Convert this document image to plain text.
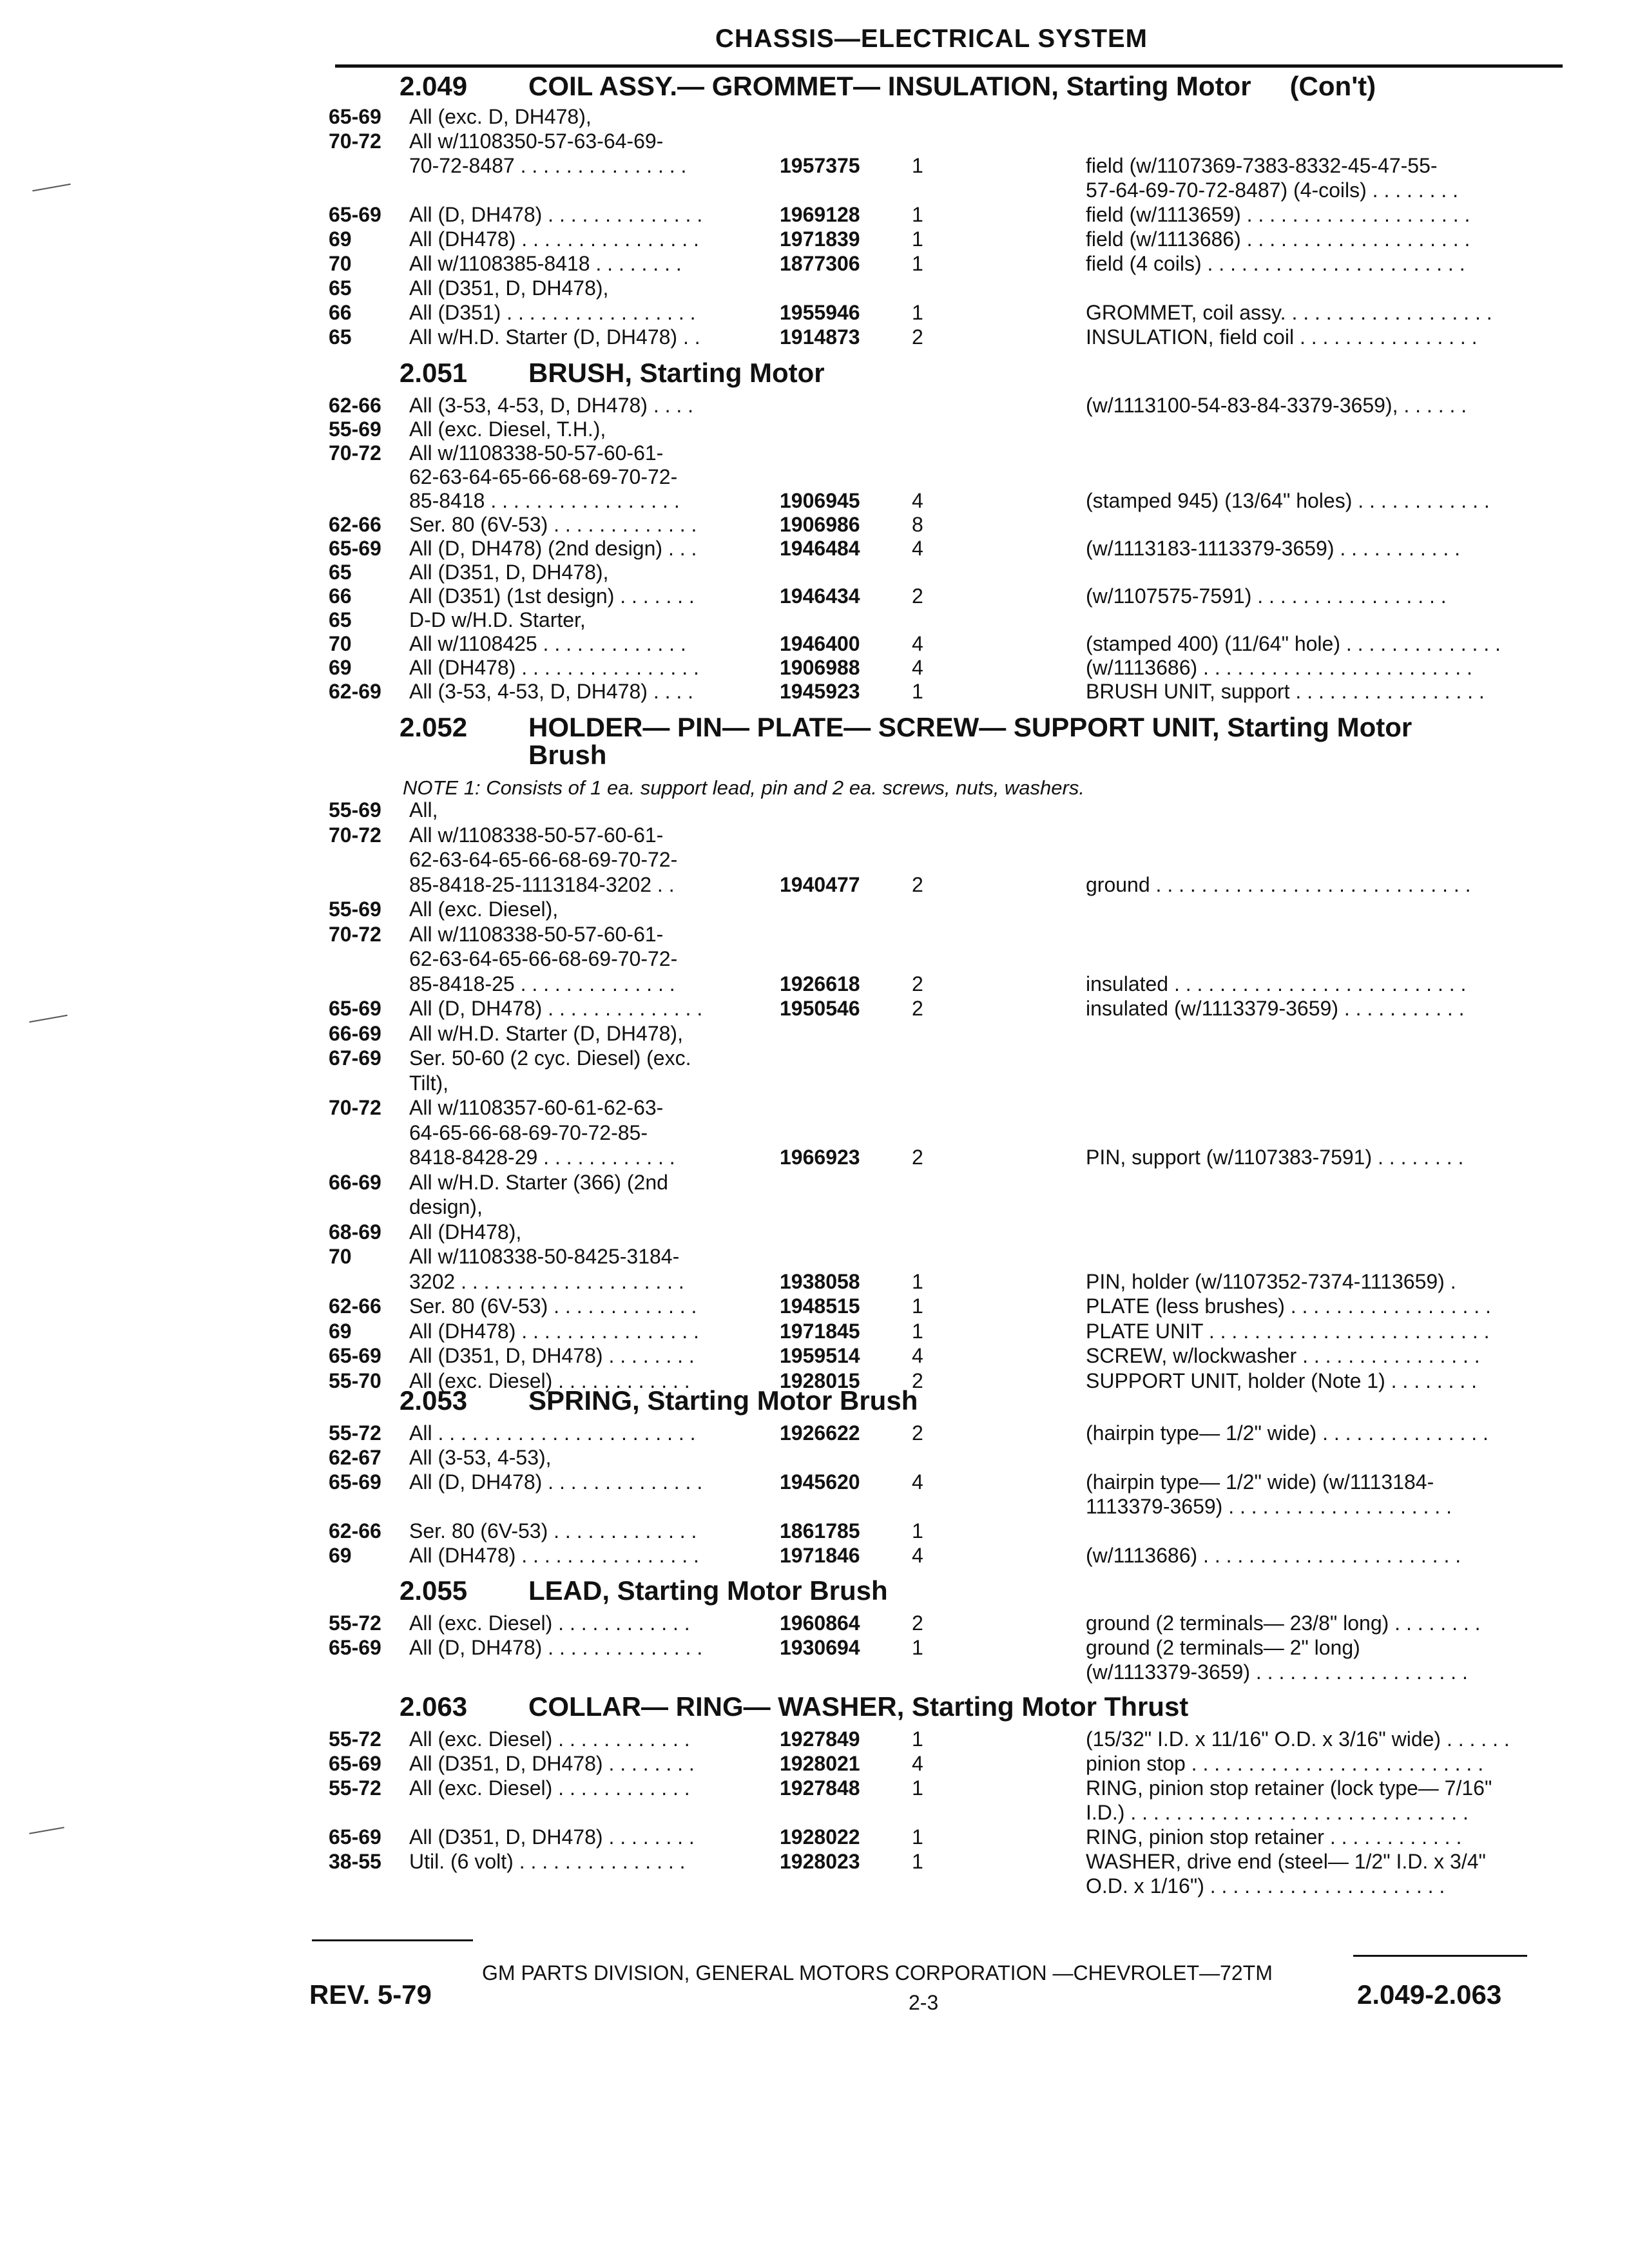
CHASSIS—ELECTRICAL SYSTEM
2.049 COIL ASSY.— GROMMET— INSULATION, Starting Motor (Con't)
65-69 All (exc. D, DH478),
70-72 All w/1108350-57-63-64-69-
70-72-8487 . . . . . . . . . . . . . . .	1957375	1	field (w/1107369-7383-8332-45-47-55-
57-64-69-70-72-8487) (4-coils) . . . . . . . .
65-69 All (D, DH478) . . . . . . . . . . . . . .	1969128	1	field (w/1113659) . . . . . . . . . . . . . . . . . . . .
69	All (DH478) . . . . . . . . . . . . . . . .	1971839	1	field (w/1113686) . . . . . . . . . . . . . . . . . . . .
70	All w/1108385-8418 . . . . . . . .	1877306	1	field (4 coils) . . . . . . . . . . . . . . . . . . . . . . .
65	All (D351, D, DH478),
66	All (D351) . . . . . . . . . . . . . . . . .	1955946	1	GROMMET, coil assy. . . . . . . . . . . . . . . . . . .
65	All w/H.D. Starter (D, DH478) . .	1914873	2	INSULATION, field coil . . . . . . . . . . . . . . . .
2.051 BRUSH, Starting Motor
62-66 All (3-53, 4-53, D, DH478) . . . .	(w/1113100-54-83-84-3379-3659), . . . . . .
55-69 All (exc. Diesel, T.H.),
70-72 All w/1108338-50-57-60-61-
62-63-64-65-66-68-69-70-72-
85-8418 . . . . . . . . . . . . . . . . .	1906945	4	(stamped 945) (13/64" holes) . . . . . . . . . . . .
62-66 Ser. 80 (6V-53) . . . . . . . . . . . . .	1906986	8
65-69 All (D, DH478) (2nd design) . . .	1946484	4	(w/1113183-1113379-3659) . . . . . . . . . . .
65	All (D351, D, DH478),
66	All (D351) (1st design) . . . . . . .	1946434	2	(w/1107575-7591) . . . . . . . . . . . . . . . . .
65	D-D w/H.D. Starter,
70	All w/1108425 . . . . . . . . . . . . .	1946400	4	(stamped 400) (11/64" hole) . . . . . . . . . . . . . .
69	All (DH478) . . . . . . . . . . . . . . . .	1906988	4	(w/1113686) . . . . . . . . . . . . . . . . . . . . . . . .
62-69 All (3-53, 4-53, D, DH478) . . . .	1945923	1	BRUSH UNIT, support . . . . . . . . . . . . . . . . .
2.052 HOLDER— PIN— PLATE— SCREW— SUPPORT UNIT, Starting Motor
Brush
NOTE 1: Consists of 1 ea. support lead, pin and 2 ea. screws, nuts, washers.
55-69 All,
70-72 All w/1108338-50-57-60-61-
62-63-64-65-66-68-69-70-72-
85-8418-25-1113184-3202 . .	1940477	2	ground . . . . . . . . . . . . . . . . . . . . . . . . . . . .
55-69 All (exc. Diesel),
70-72 All w/1108338-50-57-60-61-
62-63-64-65-66-68-69-70-72-
85-8418-25 . . . . . . . . . . . . . .	1926618	2	insulated . . . . . . . . . . . . . . . . . . . . . . . . . .
65-69 All (D, DH478) . . . . . . . . . . . . . .	1950546	2	insulated (w/1113379-3659) . . . . . . . . . . .
66-69 All w/H.D. Starter (D, DH478),
67-69 Ser. 50-60 (2 cyc. Diesel) (exc.
Tilt),
70-72 All w/1108357-60-61-62-63-
64-65-66-68-69-70-72-85-
8418-8428-29 . . . . . . . . . . . .	1966923	2	PIN, support (w/1107383-7591) . . . . . . . .
66-69 All w/H.D. Starter (366) (2nd
design),
68-69 All (DH478),
70	All w/1108338-50-8425-3184-
3202 . . . . . . . . . . . . . . . . . . . .	1938058	1	PIN, holder (w/1107352-7374-1113659) .
62-66 Ser. 80 (6V-53) . . . . . . . . . . . . .	1948515	1	PLATE (less brushes) . . . . . . . . . . . . . . . . . .
69	All (DH478) . . . . . . . . . . . . . . . .	1971845	1	PLATE UNIT . . . . . . . . . . . . . . . . . . . . . . . . .
65-69 All (D351, D, DH478) . . . . . . . .	1959514	4	SCREW, w/lockwasher . . . . . . . . . . . . . . . .
55-70 All (exc. Diesel) . . . . . . . . . . . .	1928015	2	SUPPORT UNIT, holder (Note 1) . . . . . . . .
2.053 SPRING, Starting Motor Brush
55-72 All . . . . . . . . . . . . . . . . . . . . . . .	1926622	2	(hairpin type— 1/2" wide) . . . . . . . . . . . . . . .
62-67 All (3-53, 4-53),
65-69 All (D, DH478) . . . . . . . . . . . . . .	1945620	4	(hairpin type— 1/2" wide) (w/1113184-
1113379-3659) . . . . . . . . . . . . . . . . . . . .
62-66 Ser. 80 (6V-53) . . . . . . . . . . . . .	1861785	1
69	All (DH478) . . . . . . . . . . . . . . . .	1971846	4	(w/1113686) . . . . . . . . . . . . . . . . . . . . . . .
2.055 LEAD, Starting Motor Brush
55-72 All (exc. Diesel) . . . . . . . . . . . .	1960864	2	ground (2 terminals— 23/8" long) . . . . . . . .
65-69 All (D, DH478) . . . . . . . . . . . . . .	1930694	1	ground (2 terminals— 2" long)
(w/1113379-3659) . . . . . . . . . . . . . . . . . . .
2.063 COLLAR— RING— WASHER, Starting Motor Thrust
55-72 All (exc. Diesel) . . . . . . . . . . . .	1927849	1	(15/32" I.D. x 11/16" O.D. x 3/16" wide) . . . . . .
65-69 All (D351, D, DH478) . . . . . . . .	1928021	4	pinion stop . . . . . . . . . . . . . . . . . . . . . . . . . .
55-72 All (exc. Diesel) . . . . . . . . . . . .	1927848	1	RING, pinion stop retainer (lock type— 7/16"
I.D.) . . . . . . . . . . . . . . . . . . . . . . . . . . . . . .
65-69 All (D351, D, DH478) . . . . . . . .	1928022	1	RING, pinion stop retainer . . . . . . . . . . . .
38-55 Util. (6 volt) . . . . . . . . . . . . . . .	1928023	1	WASHER, drive end (steel— 1/2" I.D. x 3/4"
O.D. x 1/16") . . . . . . . . . . . . . . . . . . . . .
GM PARTS DIVISION, GENERAL MOTORS CORPORATION —CHEVROLET—72TM
REV. 5-79	2-3	2.049-2.063
